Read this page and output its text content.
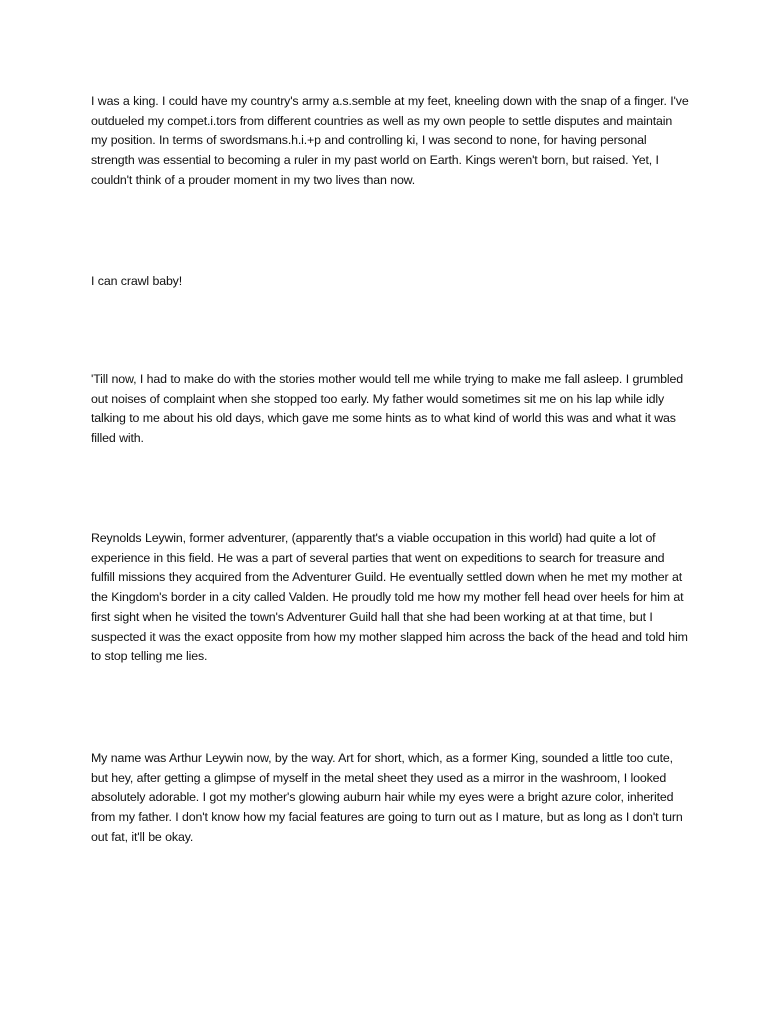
I was a king. I could have my country's army a.s.semble at my feet, kneeling down with the snap of a finger. I've outdueled my compet.i.tors from different countries as well as my own people to settle disputes and maintain my position. In terms of swordsmans.h.i.+p and controlling ki, I was second to none, for having personal strength was essential to becoming a ruler in my past world on Earth. Kings weren't born, but raised. Yet, I couldn't think of a prouder moment in my two lives than now.

I can crawl baby!

'Till now, I had to make do with the stories mother would tell me while trying to make me fall asleep. I grumbled out noises of complaint when she stopped too early. My father would sometimes sit me on his lap while idly talking to me about his old days, which gave me some hints as to what kind of world this was and what it was filled with.

Reynolds Leywin, former adventurer, (apparently that's a viable occupation in this world) had quite a lot of experience in this field. He was a part of several parties that went on expeditions to search for treasure and fulfill missions they acquired from the Adventurer Guild. He eventually settled down when he met my mother at the Kingdom's border in a city called Valden. He proudly told me how my mother fell head over heels for him at first sight when he visited the town's Adventurer Guild hall that she had been working at at that time, but I suspected it was the exact opposite from how my mother slapped him across the back of the head and told him to stop telling me lies.

My name was Arthur Leywin now, by the way. Art for short, which, as a former King, sounded a little too cute, but hey, after getting a glimpse of myself in the metal sheet they used as a mirror in the washroom, I looked absolutely adorable. I got my mother's glowing auburn hair while my eyes were a bright azure color, inherited from my father. I don't know how my facial features are going to turn out as I mature, but as long as I don't turn out fat, it'll be okay.
